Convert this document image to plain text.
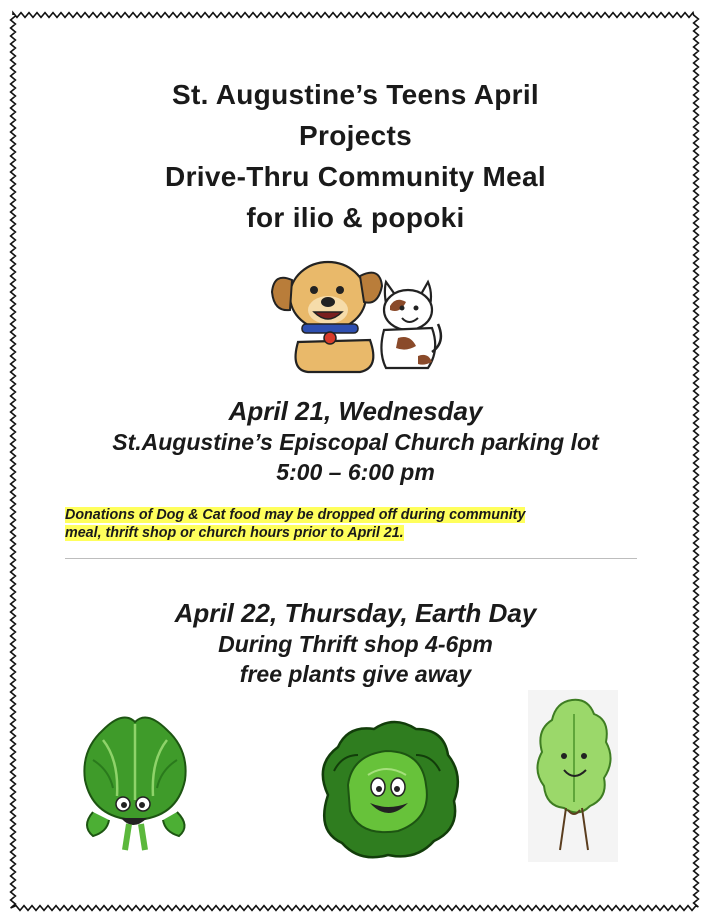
St. Augustine’s Teens April
Projects
Drive-Thru Community Meal
for ilio & popoki
April 21, Wednesday
St.Augustine’s Episcopal Church parking lot
5:00 – 6:00 pm
Donations of Dog & Cat food may be dropped off during community
meal, thrift shop or church hours prior to April 21.
April 22, Thursday, Earth Day
During Thrift shop 4-6pm
free plants give away
